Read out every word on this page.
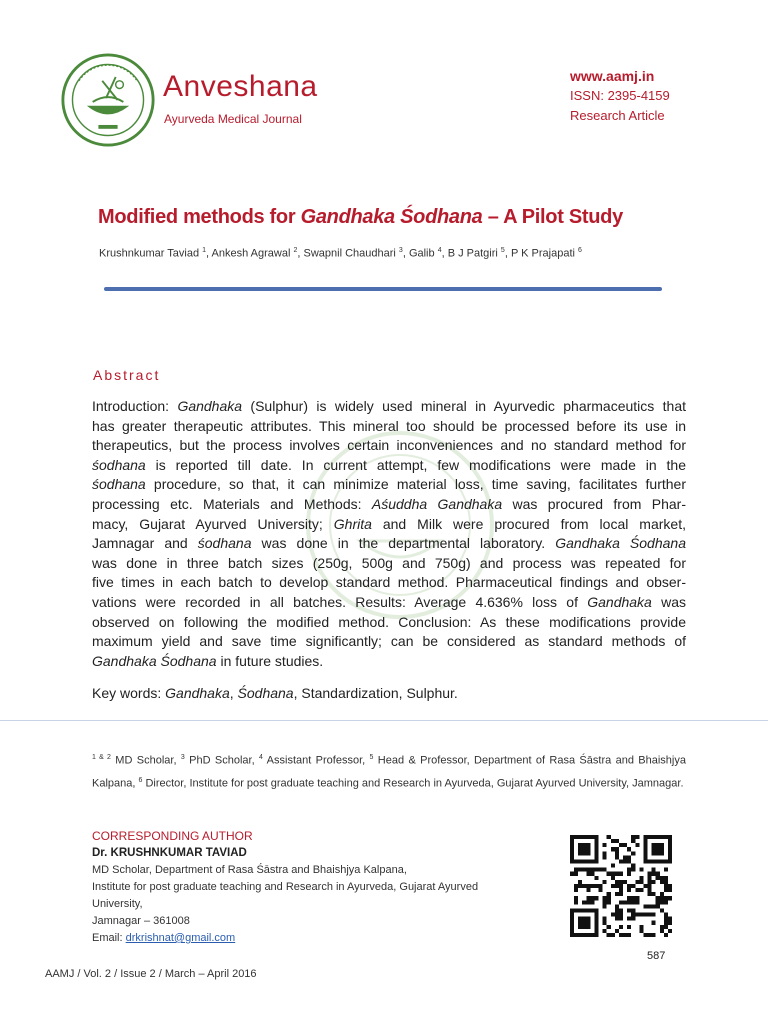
Anveshana
Ayurveda Medical Journal
www.aamj.in
ISSN: 2395-4159
Research Article
Modified methods for Gandhaka Śodhana – A Pilot Study
Krushnkumar Taviad $^1$, Ankesh Agrawal $^2$, Swapnil Chaudhari $^3$, Galib $^4$, B J Patgiri $^5$, P K Prajapati $^6$
Abstract
Introduction: Gandhaka (Sulphur) is widely used mineral in Ayurvedic pharmaceutics that
has greater therapeutic attributes. This mineral too should be processed before its use in
therapeutics, but the process involves certain inconveniences and no standard method for
śodhana is reported till date. In current attempt, few modifications were made in the
śodhana procedure, so that, it can minimize material loss, time saving, facilitates further
processing etc. Materials and Methods: Aśuddha Gandhaka was procured from Phar-
macy, Gujarat Ayurved University; Ghrita and Milk were procured from local market,
Jamnagar and śodhana was done in the departmental laboratory. Gandhaka Śodhana
was done in three batch sizes (250g, 500g and 750g) and process was repeated for
five times in each batch to develop standard method. Pharmaceutical findings and obser-
vations were recorded in all batches. Results: Average 4.636% loss of Gandhaka was
observed on following the modified method. Conclusion: As these modifications provide
maximum yield and save time significantly; can be considered as standard methods of
Gandhaka Śodhana in future studies.
Key words: Gandhaka, Śodhana, Standardization, Sulphur.
$^{1 \& 2}$ MD Scholar, $^3$ PhD Scholar, $^4$ Assistant Professor, $^5$ Head & Professor, Department of Rasa Śāstra and Bhaishjya Kalpana, $^6$ Director, Institute for post graduate teaching and Research in Ayurveda, Gujarat Ayurved University, Jamnagar.
CORRESPONDING AUTHOR
Dr. KRUSHNKUMAR TAVIAD
MD Scholar, Department of Rasa Śāstra and Bhaishjya Kalpana,
Institute for post graduate teaching and Research in Ayurveda, Gujarat Ayurved
University,
Jamnagar – 361008
Email: drkrishnat@gmail.com
587
AAMJ / Vol. 2 / Issue 2 / March – April 2016
